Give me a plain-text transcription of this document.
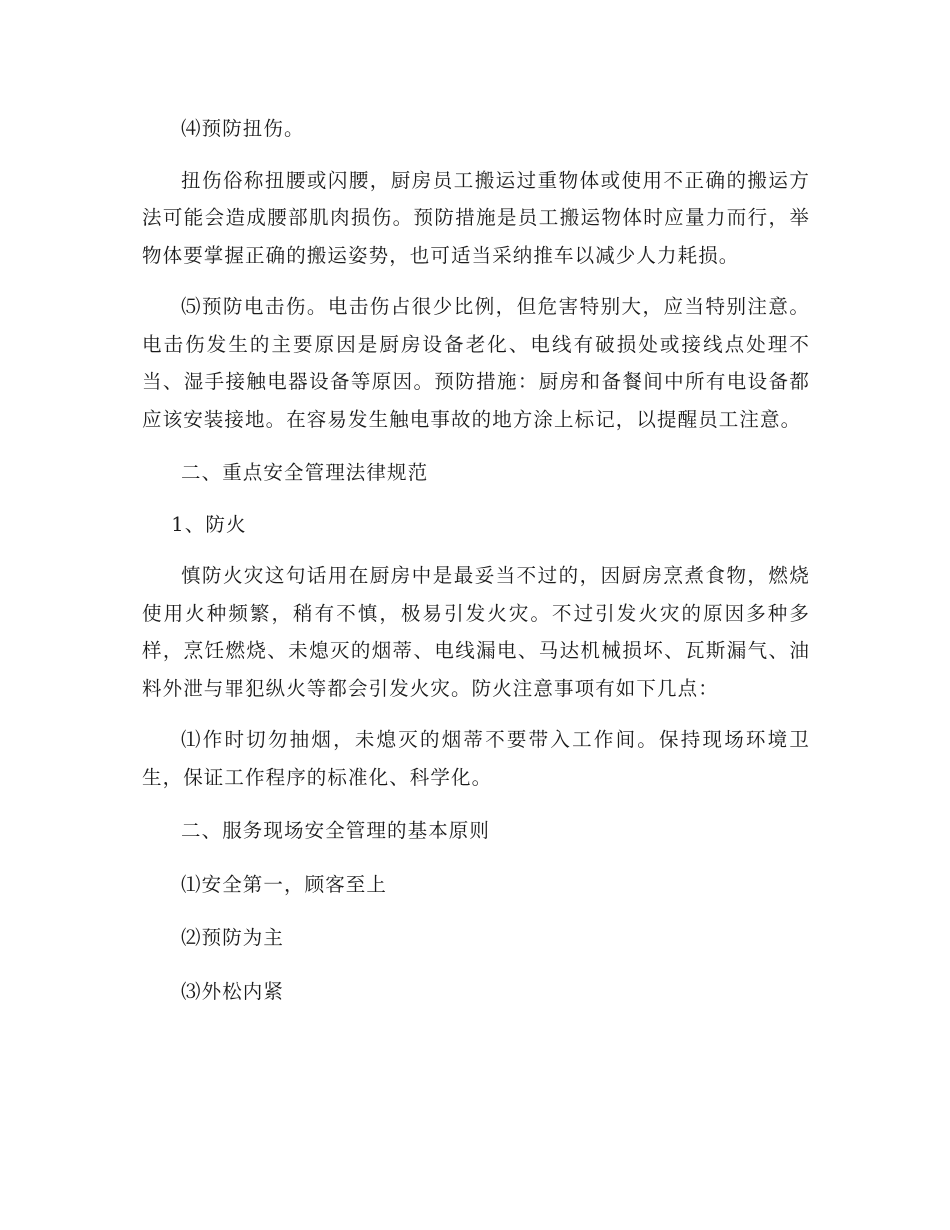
⑷预防扭伤。

扭伤俗称扭腰或闪腰，厨房员工搬运过重物体或使用不正确的搬运方法可能会造成腰部肌肉损伤。预防措施是员工搬运物体时应量力而行，举物体要掌握正确的搬运姿势，也可适当采纳推车以减少人力耗损。

⑸预防电击伤。电击伤占很少比例，但危害特别大，应当特别注意。电击伤发生的主要原因是厨房设备老化、电线有破损处或接线点处理不当、湿手接触电器设备等原因。预防措施：厨房和备餐间中所有电设备都应该安装接地。在容易发生触电事故的地方涂上标记，以提醒员工注意。

二、重点安全管理法律规范

1、防火

慎防火灾这句话用在厨房中是最妥当不过的，因厨房烹煮食物，燃烧使用火种频繁，稍有不慎，极易引发火灾。不过引发火灾的原因多种多样，烹饪燃烧、未熄灭的烟蒂、电线漏电、马达机械损坏、瓦斯漏气、油料外泄与罪犯纵火等都会引发火灾。防火注意事项有如下几点：

⑴作时切勿抽烟，未熄灭的烟蒂不要带入工作间。保持现场环境卫生，保证工作程序的标准化、科学化。

二、服务现场安全管理的基本原则

⑴安全第一，顾客至上

⑵预防为主

⑶外松内紧
